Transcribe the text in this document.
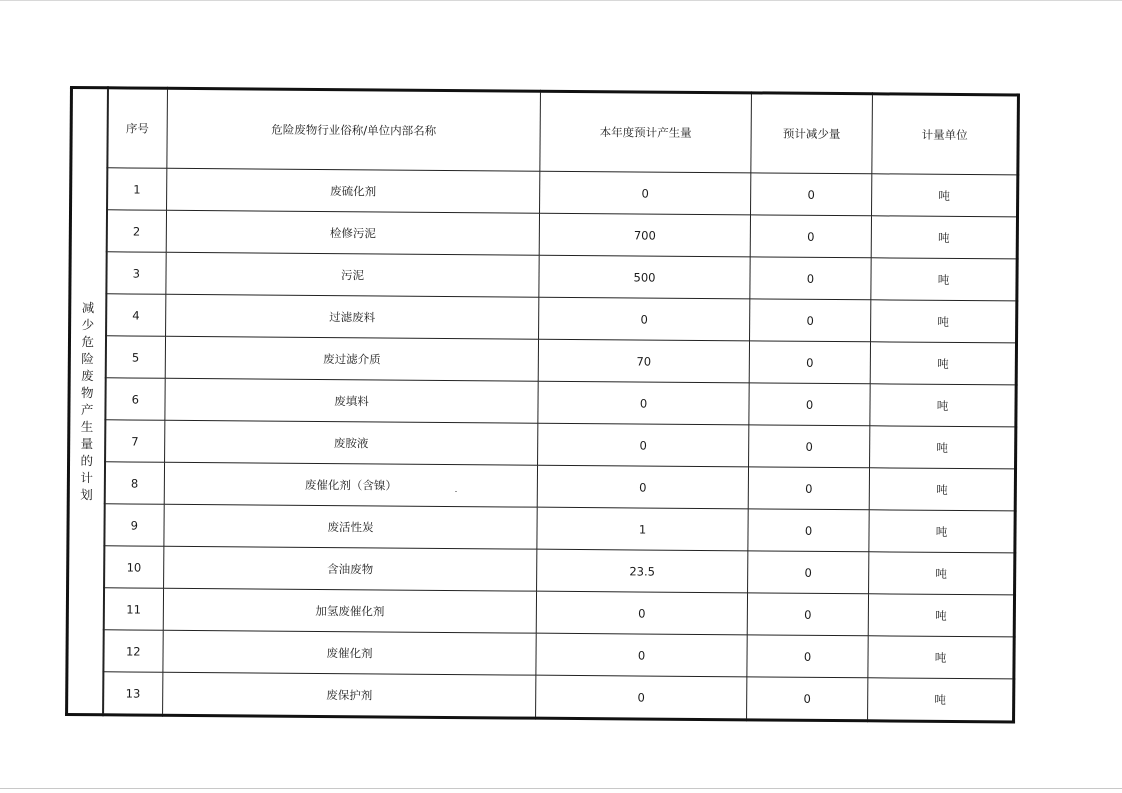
减少危险废物产生量的计划	序号	危险废物行业俗称/单位内部名称	本年度预计产生量	预计减少量	计量单位
	1	废硫化剂	0	0	吨
	2	检修污泥	700	0	吨
	3	污泥	500	0	吨
	4	过滤废料	0	0	吨
	5	废过滤介质	70	0	吨
	6	废填料	0	0	吨
	7	废胺液	0	0	吨
	8	废催化剂（含镍）	0	0	吨
	9	废活性炭	1	0	吨
	10	含油废物	23.5	0	吨
	11	加氢废催化剂	0	0	吨
	12	废催化剂	0	0	吨
	13	废保护剂	0	0	吨
